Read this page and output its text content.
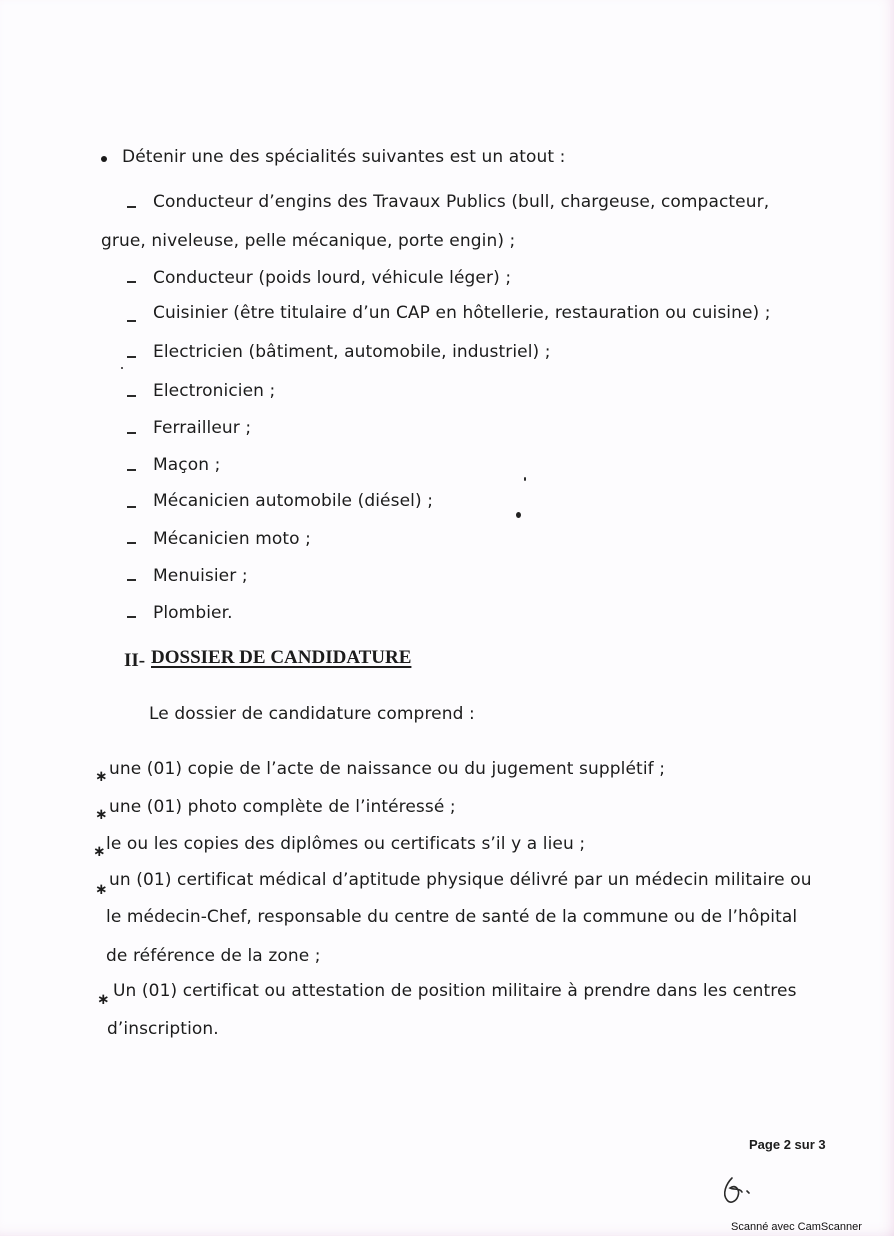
Détenir une des spécialités suivantes est un atout :
Conducteur d’engins des Travaux Publics (bull, chargeuse, compacteur,
grue, niveleuse, pelle mécanique, porte engin) ;
Conducteur (poids lourd, véhicule léger) ;
Cuisinier (être titulaire d’un CAP en hôtellerie, restauration ou cuisine) ;
Electricien (bâtiment, automobile, industriel) ;
Electronicien ;
Ferrailleur ;
Maçon ;
Mécanicien automobile (diésel) ;
Mécanicien moto ;
Menuisier ;
Plombier.
II- DOSSIER DE CANDIDATURE
Le dossier de candidature comprend :
∗ une (01) copie de l’acte de naissance ou du jugement supplétif ;
∗ une (01) photo complète de l’intéressé ;
∗ le ou les copies des diplômes ou certificats s’il y a lieu ;
∗ un (01) certificat médical d’aptitude physique délivré par un médecin militaire ou
le médecin-Chef, responsable du centre de santé de la commune ou de l’hôpital
de référence de la zone ;
∗ Un (01) certificat ou attestation de position militaire à prendre dans les centres
d’inscription.
Page 2 sur 3
Scanné avec CamScanner
